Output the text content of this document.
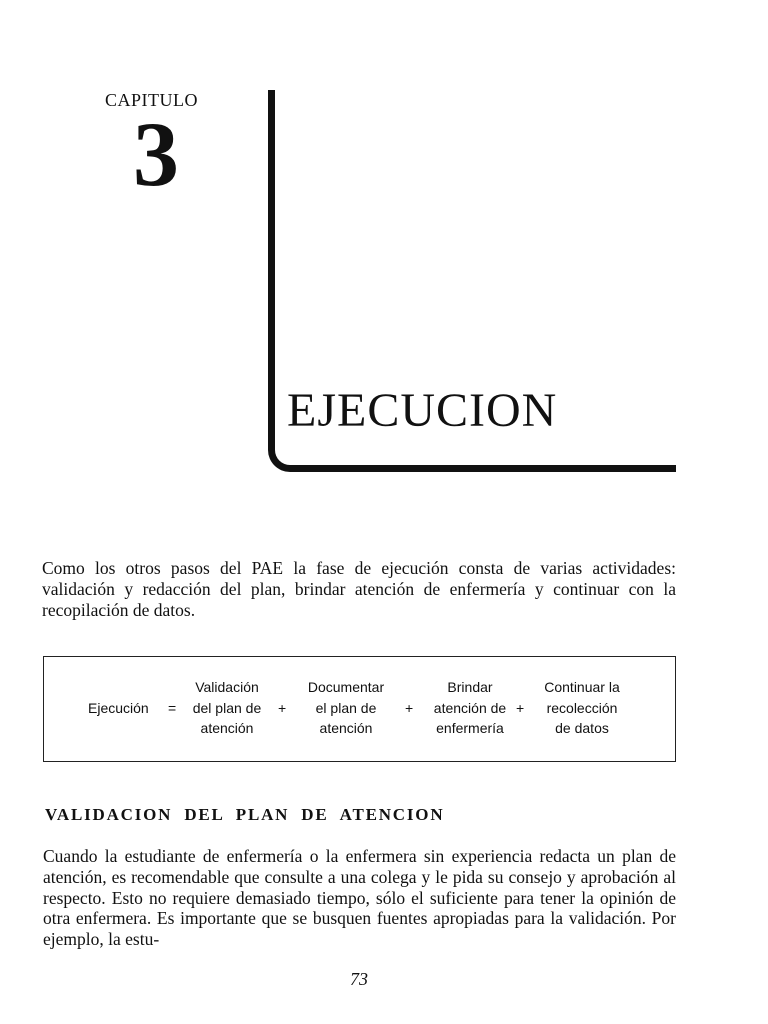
CAPITULO
3
EJECUCION

Como los otros pasos del PAE la fase de ejecución consta de varias actividades: validación y redacción del plan, brindar atención de enfermería y continuar con la recopilación de datos.

Ejecución =
Validación
del plan de
atención
+
Documentar
el plan de
atención
+
Brindar
atención de
enfermería
+
Continuar la
recolección
de datos
VALIDACION DEL PLAN DE ATENCION

Cuando la estudiante de enfermería o la enfermera sin experiencia redacta un plan de atención, es recomendable que consulte a una colega y le pida su consejo y aprobación al respecto. Esto no requiere demasiado tiempo, sólo el suficiente para tener la opinión de otra enfermera. Es importante que se busquen fuentes apropiadas para la validación. Por ejemplo, la estu-

73
